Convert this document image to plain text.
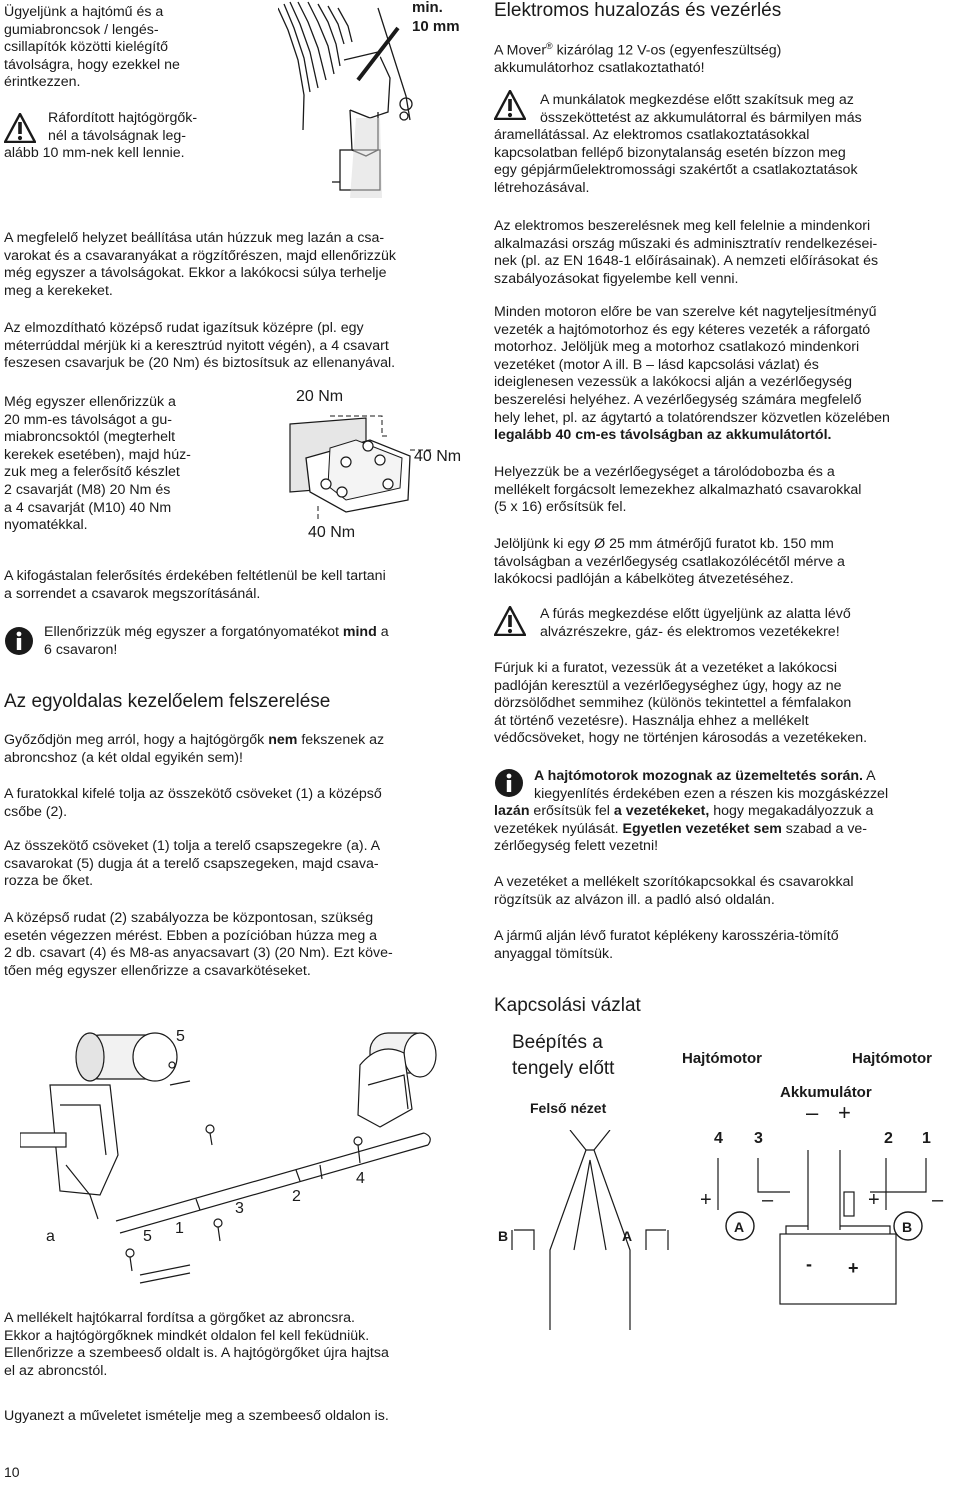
Ügyeljünk a hajtómű és a

gumiabroncsok / lengés-

csillapítók közötti kielégítő

távolságra, hogy ezekkel ne

érintkezzen.

Ráfordított hajtógörgők-

nél a távolságnak leg-

alább 10 mm-nek kell lennie.

min.
10 mm

A megfelelő helyzet beállítása után húzzuk meg lazán a csa-

varokat és a csavaranyákat a rögzítőrészen, majd ellenőrizzük

még egyszer a távolságokat. Ekkor a lakókocsi súlya terhelje

meg a kerekeket.

Az elmozdítható középső rudat igazítsuk középre (pl. egy

méterrúddal mérjük ki a keresztrúd nyitott végén), a 4 csavart

feszesen csavarjuk be (20 Nm) és biztosítsuk az ellenanyával.

Még egyszer ellenőrizzük a

20 mm-es távolságot a gu-

miabroncsoktól (megterhelt

kerekek esetében), majd húz-

zuk meg a felerősítő készlet

2 csavarját (M8) 20 Nm és

a 4 csavarját (M10) 40 Nm

nyomatékkal.

20 Nm
40 Nm
40 Nm

A kifogástalan felerősítés érdekében feltétlenül be kell tartani

a sorrendet a csavarok megszorításánál.

Ellenőrizzük még egyszer a forgatónyomatékot mind a

6 csavaron!

Az egyoldalas kezelőelem felszerelése

Győződjön meg arról, hogy a hajtógörgők nem fekszenek az

abroncshoz (a két oldal egyikén sem)!

A furatokkal kifelé tolja az összekötő csöveket (1) a középső

csőbe (2).

Az összekötő csöveket (1) tolja a terelő csapszegekre (a). A

csavarokat (5) dugja át a terelő csapszegeken, majd csava-

rozza be őket.

A középső rudat (2) szabályozza be központosan, szükség

esetén végezzen mérést. Ebben a pozícióban húzza meg a

2 db. csavart (4) és M8-as anyacsavart (3) (20 Nm). Ezt köve-

tően még egyszer ellenőrizze a csavarkötéseket.

5
4
2
3
a	5 1

A mellékelt hajtókarral fordítsa a görgőket az abroncsra.

Ekkor a hajtógörgőknek mindkét oldalon fel kell feküdniük.

Ellenőrizze a szembeeső oldalt is. A hajtógörgőket újra hajtsa

el az abroncstól.

Ugyanezt a műveletet ismételje meg a szembeeső oldalon is.

10
Elektromos huzalozás és vezérlés

A Mover® kizárólag 12 V-os (egyenfeszültség)

akkumulátorhoz csatlakoztatható!

A munkálatok megkezdése előtt szakítsuk meg az

összeköttetést az akkumulátorral és bármilyen más

áramellátással. Az elektromos csatlakoztatásokkal

kapcsolatban fellépő bizonytalanság esetén bízzon meg

egy gépjárműelektromossági szakértőt a csatlakoztatások

létrehozásával.

Az elektromos beszerelésnek meg kell felelnie a mindenkori

alkalmazási ország műszaki és adminisztratív rendelkezései-

nek (pl. az EN 1648-1 előírásainak). A nemzeti előírásokat és

szabályozásokat figyelembe kell venni.

Minden motoron előre be van szerelve két nagyteljesítményű

vezeték a hajtómotorhoz és egy kéteres vezeték a ráforgató

motorhoz. Jelöljük meg a motorhoz csatlakozó mindenkori

vezetéket (motor A ill. B – lásd kapcsolási vázlat) és

ideiglenesen vezessük a lakókocsi alján a vezérlőegység

beszerelési helyéhez. A vezérlőegység számára megfelelő

hely lehet, pl. az ágytartó a tolatórendszer közvetlen közelében

legalább 40 cm-es távolságban az akkumulátortól.

Helyezzük be a vezérlőegységet a tárolódobozba és a

mellékelt forgácsolt lemezekhez alkalmazható csavarokkal

(5 x 16) erősítsük fel.

Jelöljünk ki egy Ø 25 mm átmérőjű furatot kb. 150 mm

távolságban a vezérlőegység csatlakozólécétől mérve a

lakókocsi padlóján a kábelköteg átvezetéséhez.

A fúrás megkezdése előtt ügyeljünk az alatta lévő

alvázrészekre, gáz- és elektromos vezetékekre!

Fúrjuk ki a furatot, vezessük át a vezetéket a lakókocsi

padlóján keresztül a vezérlőegységhez úgy, hogy az ne

dörzsölődhet semmihez (különös tekintettel a fémfalakon

át történő vezetésre). Használja ehhez a mellékelt

védőcsöveket, hogy ne történjen károsodás a vezetékeken.

A hajtómotorok mozognak az üzemeltetés során. A

kiegyenlítés érdekében ezen a részen kis mozgáskézzel

lazán erősítsük fel a vezetékeket, hogy megakadályozzuk a

vezetékek nyúlását. Egyetlen vezetéket sem szabad a ve-

zérlőegység felett vezetni!

A vezetéket a mellékelt szorítókapcsokkal és csavarokkal

rögzítsük az alvázon ill. a padló alsó oldalán.

A jármű alján lévő furatot képlékeny karosszéria-tömítő

anyaggal tömítsük.

Kapcsolási vázlat
Beépítés a
tengely előtt
Felső nézet
Hajtómotor	Hajtómotor
Akkumulátor
– +
4 3	2 1
B	A
+	–	+	–
A	B
- +
